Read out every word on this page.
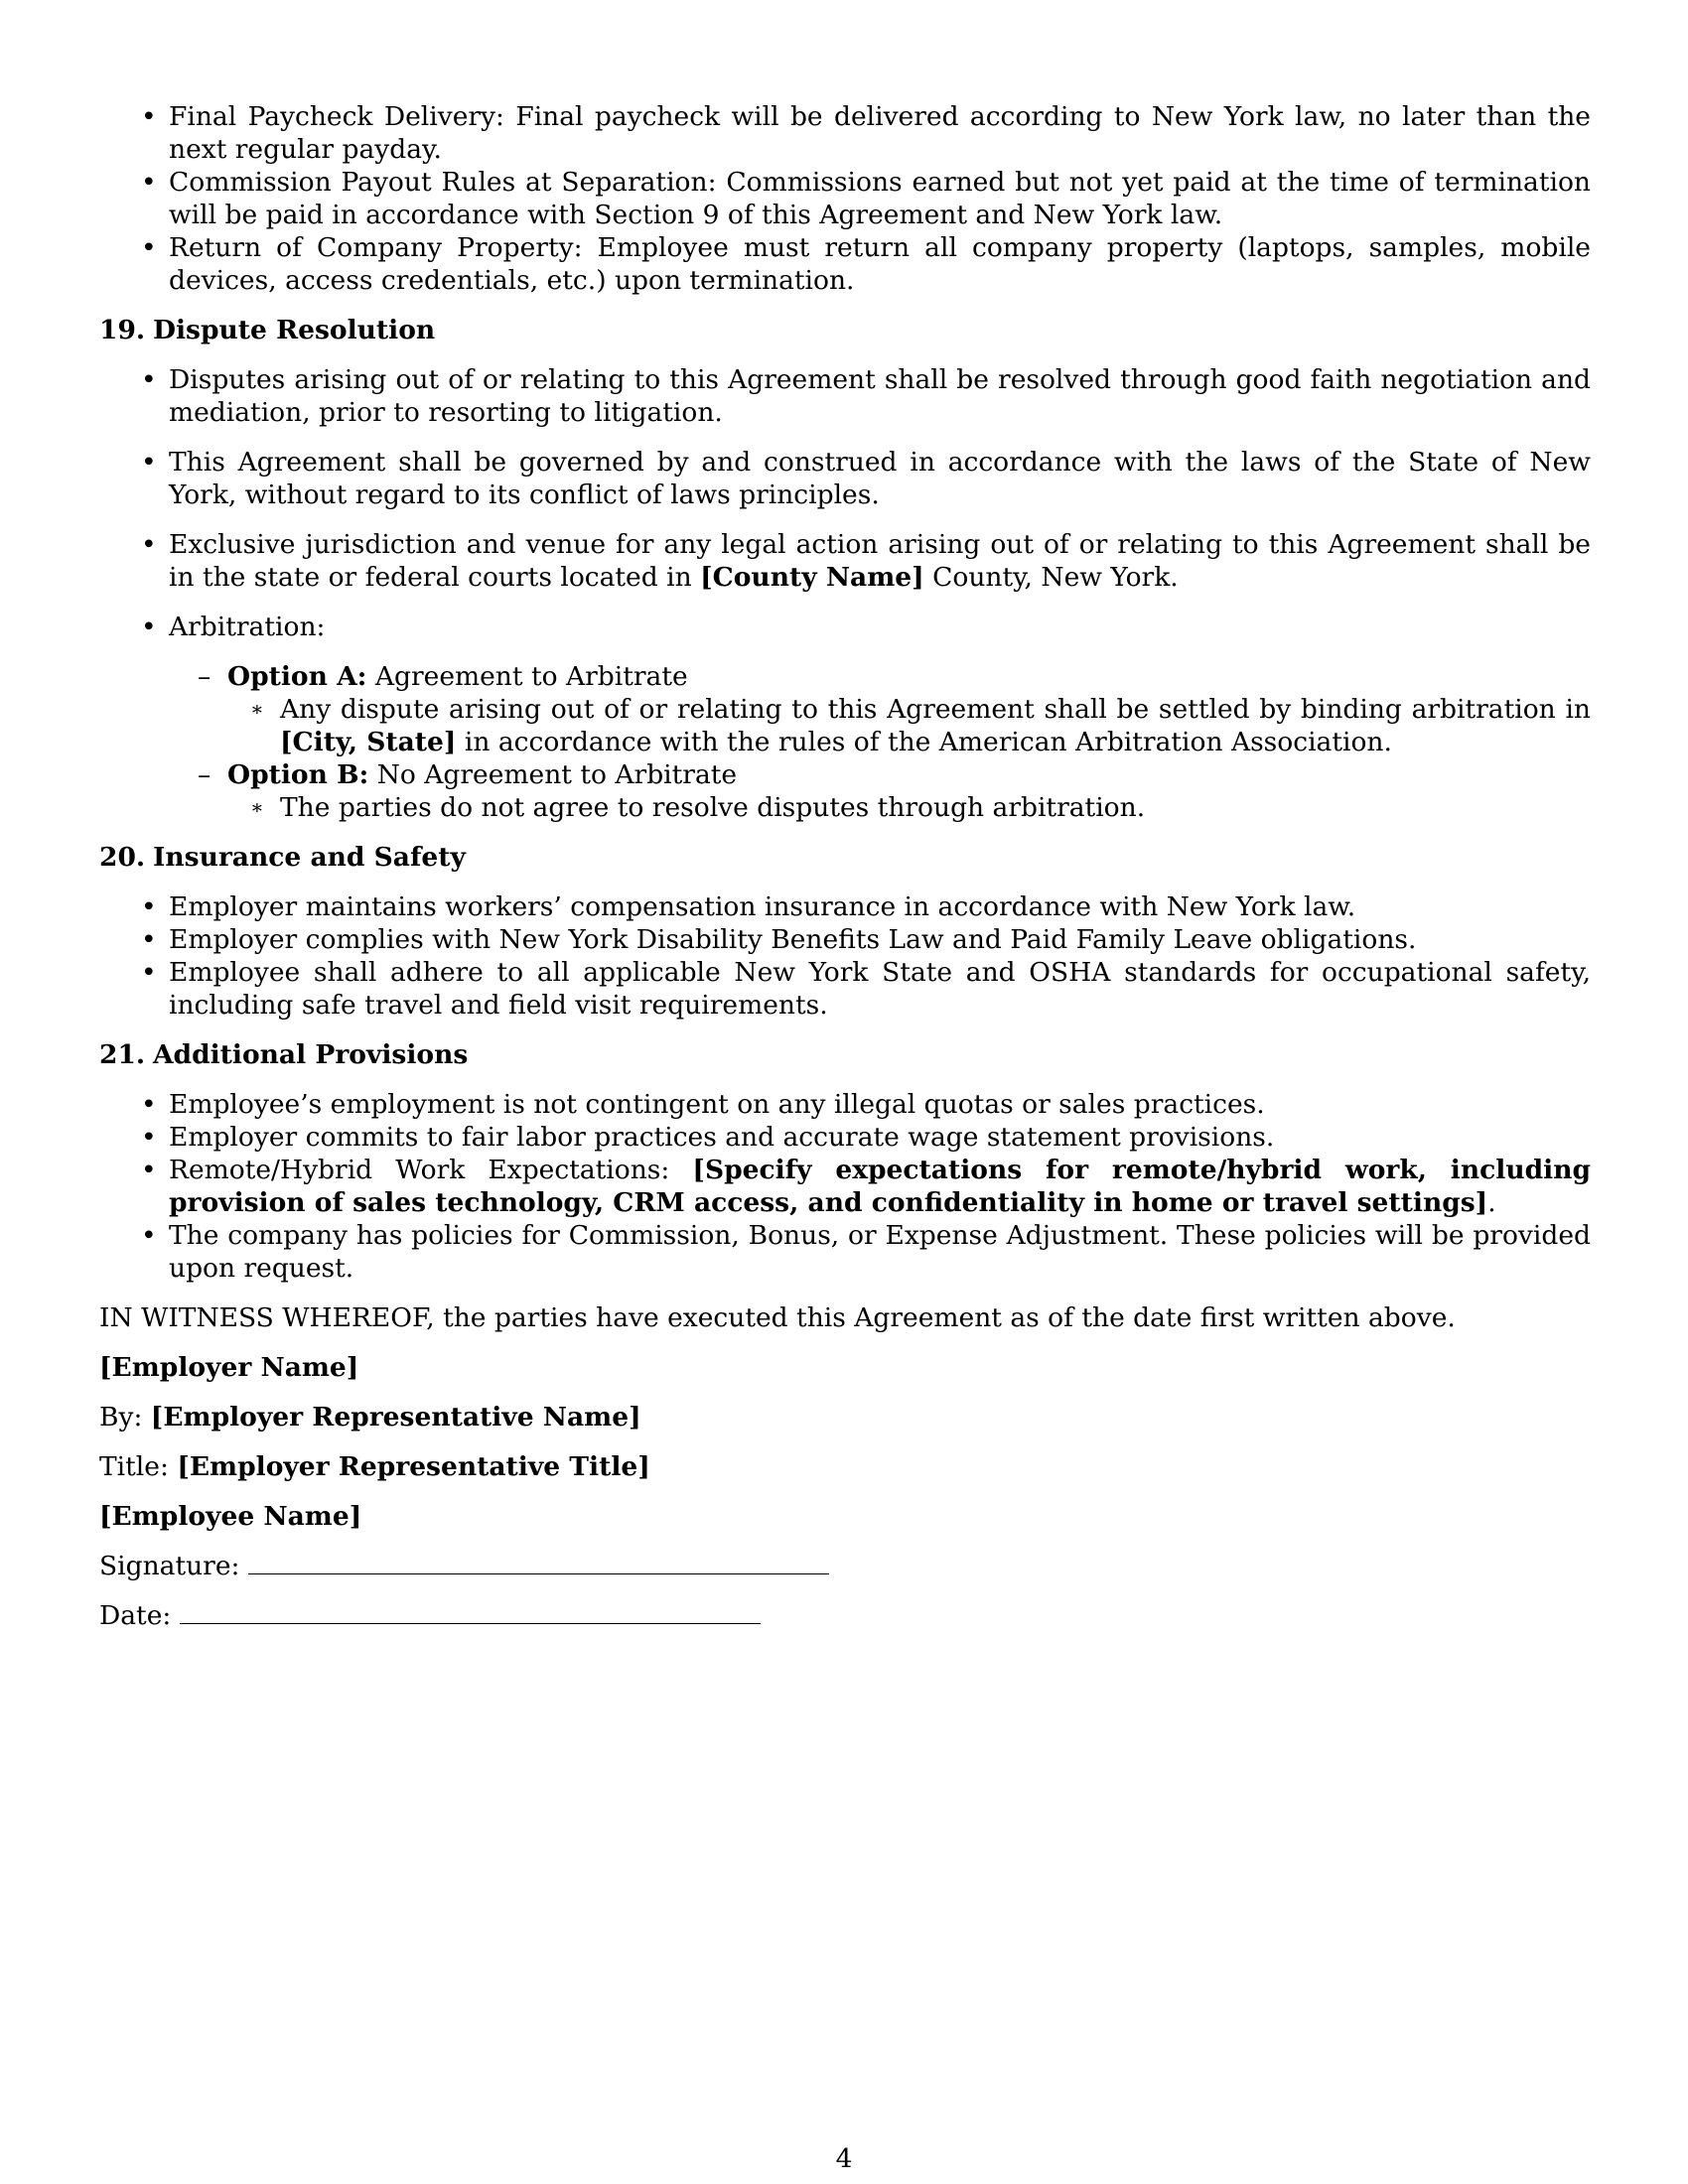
• Final Paycheck Delivery: Final paycheck will be delivered according to New York law, no later than the next regular payday.
• Commission Payout Rules at Separation: Commissions earned but not yet paid at the time of termination will be paid in accordance with Section 9 of this Agreement and New York law.
• Return of Company Property: Employee must return all company property (laptops, samples, mobile devices, access credentials, etc.) upon termination.
19. Dispute Resolution
• Disputes arising out of or relating to this Agreement shall be resolved through good faith negotiation and mediation, prior to resorting to litigation.
• This Agreement shall be governed by and construed in accordance with the laws of the State of New York, without regard to its conflict of laws principles.
• Exclusive jurisdiction and venue for any legal action arising out of or relating to this Agreement shall be in the state or federal courts located in [County Name] County, New York.
• Arbitration:
– Option A: Agreement to Arbitrate
∗ Any dispute arising out of or relating to this Agreement shall be settled by binding arbitration in [City, State] in accordance with the rules of the American Arbitration Association.
– Option B: No Agreement to Arbitrate
∗ The parties do not agree to resolve disputes through arbitration.
20. Insurance and Safety
• Employer maintains workers’ compensation insurance in accordance with New York law.
• Employer complies with New York Disability Benefits Law and Paid Family Leave obligations.
• Employee shall adhere to all applicable New York State and OSHA standards for occupational safety, including safe travel and field visit requirements.
21. Additional Provisions
• Employee’s employment is not contingent on any illegal quotas or sales practices.
• Employer commits to fair labor practices and accurate wage statement provisions.
• Remote/Hybrid Work Expectations: [Specify expectations for remote/hybrid work, including provision of sales technology, CRM access, and confidentiality in home or travel settings].
• The company has policies for Commission, Bonus, or Expense Adjustment. These policies will be provided upon request.

IN WITNESS WHEREOF, the parties have executed this Agreement as of the date first written above.

[Employer Name]

By: [Employer Representative Name]

Title: [Employer Representative Title]

[Employee Name]

Signature:

Date:

4
